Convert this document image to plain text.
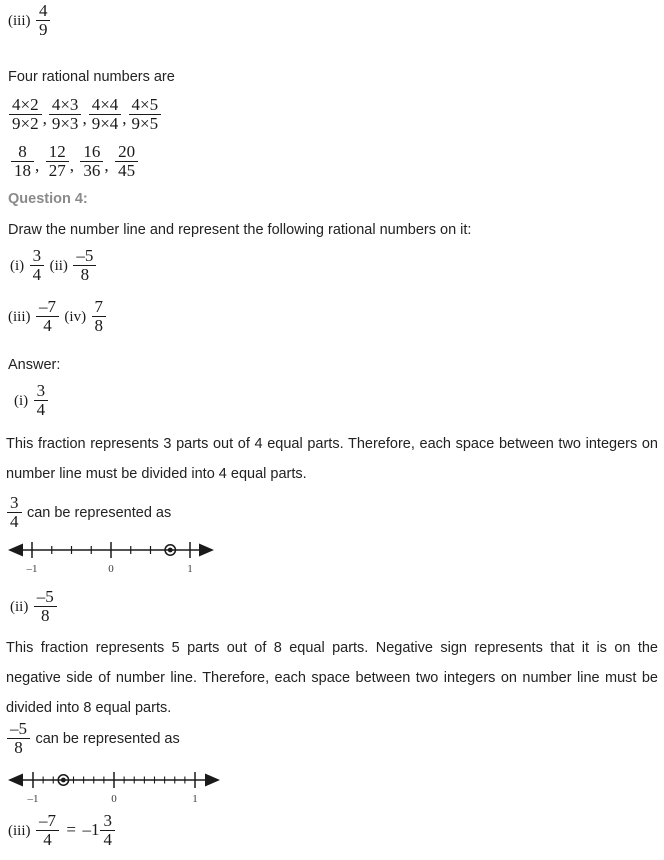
$(iii) \frac{4}{9}$
Four rational numbers are
$\frac{4\times 2}{9\times 2}$ , $\frac{4\times 3}{9\times 3}$ , $\frac{4\times 4}{9\times 4}$ , $\frac{4\times 5}{9\times 5}$
$\frac{8}{18}$ , $\frac{12}{27}$ , $\frac{16}{36}$ , $\frac{20}{45}$
Question 4:
Draw the number line and represent the following rational numbers on it:
$(i) \frac{3}{4} (ii) \frac{-5}{8}$
$(iii) \frac{-7}{4} (iv) \frac{7}{8}$
Answer:
$(i) \frac{3}{4}$
This fraction represents 3 parts out of 4 equal parts. Therefore, each space between two integers on number line must be divided into 4 equal parts.
$\frac{3}{4}$ can be represented as
–1	0	1
$(ii) \frac{-5}{8}$
This fraction represents 5 parts out of 8 equal parts. Negative sign represents that it is on the negative side of number line. Therefore, each space between two integers on number line must be divided into 8 equal parts.
$\frac{-5}{8}$ can be represented as
–1	0	1
$(iii) \frac{-7}{4} = -1 \frac{3}{4}$
